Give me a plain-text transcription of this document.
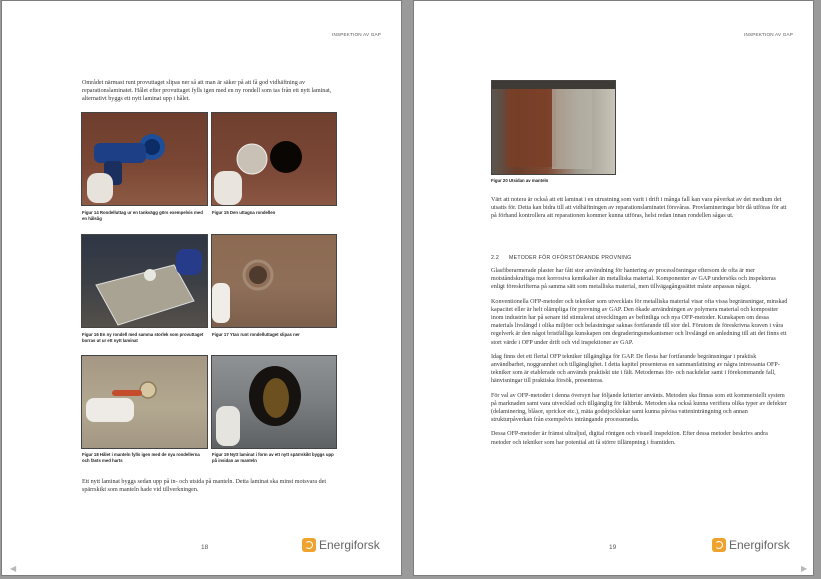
INSPEKTION AV GAP

Området närmast runt provuttaget slipas ner så att man är säker på att få god vidhäftning av reparationslaminatet. Hålet efter provuttaget fylls igen med en ny rondell som tas från ett nytt laminat, alternativt byggs ett nytt laminat upp i hålet.

Figur 14 Rondelluttag ur en tankvägg görs exempelvis med en hålsåg
Figur 15 Den uttagna rondellen
Figur 16 En ny rondell med samma storlek som provuttaget borras ut ur ett nytt laminat
Figur 17 Ytan runt rondelluttaget slipas ner
Figur 18 Hålet i manteln fylls igen med de nya rondellerna och fästs med harts
Figur 19 Nytt laminat i form av ett nytt spärrskikt byggs upp på insidan av manteln

Ett nytt laminat byggs sedan upp på in- och utsida på manteln. Detta laminat ska minst motsvara det spärrskikt som manteln hade vid tillverkningen.

18	Energiforsk
◀
INSPEKTION AV GAP
Figur 20 Utsidan av manteln

Värt att notera är också att ett laminat i en utrustning som varit i drift i många fall kan vara påverkat av det medium det utsatts för. Detta kan bidra till att vidhäftningen av reparationslaminatet försvåras. Provlamineringar bör då utföras för att på förhand kontrollera att reparationen kommer kunna utföras, helst redan innan rondellen sågas ut.

2.2 METODER FÖR OFÖRSTÖRANDE PROVNING

Glasfiberarmerade plaster har fått stor användning för hantering av processlösningar eftersom de ofta är mer motståndskraftiga mot korrosiva kemikalier än metalliska material. Komponenter av GAP undersöks och inspekteras enligt föreskrifterna på samma sätt som metalliska material, men tillvägagångssättet måste anpassas något.

Konventionella OFP-metoder och tekniker som utvecklats för metalliska material visar ofta vissa begränsningar, minskad kapacitet eller är helt olämpliga för provning av GAP. Den ökade användningen av polymera material och kompositer inom industrin har på senare tid stimulerat utvecklingen av befintliga och nya OFP-metoder. Kunskapen om dessa materials livslängd i olika miljöer och belastningar saknas fortfarande till stor del. Förutom de föreskrivna kraven i våra regelverk är den något bristfälliga kunskapen om degraderingsmekanismer och livslängd en anledning till att det finns ett stort värde i OFP under drift och vid inspektioner av GAP.

Idag finns det ett flertal OFP tekniker tillgängliga för GAP. De flesta har fortfarande begränsningar i praktisk användbarhet, noggrannhet och tillgänglighet. I detta kapitel presenteras en sammanfattning av några intressanta OFP-tekniker som är etablerade och används praktiskt ute i fält. Metodernas för- och nackdelar samt i förekommande fall, hänvisningar till praktiska försök, presenteras.

För val av OFP-metoder i denna översyn har följande kriterier använts. Metoden ska finnas som ett kommersiellt system på marknaden samt vara utvecklad och tillgänglig för fältbruk. Metoden ska också kunna verifiera olika typer av defekter (delaminering, blåsor, sprickor etc.), mäta godstjocklekar samt kunna påvisa vatteninträngning och annan strukturpåverkan från exempelvis inträngande processmedia.

Dessa OFP-metoder är främst ultraljud, digital röntgen och visuell inspektion. Efter dessa metoder beskrivs andra metoder och tekniker som har potential att få större tillämpning i framtiden.

19	Energiforsk
▶
